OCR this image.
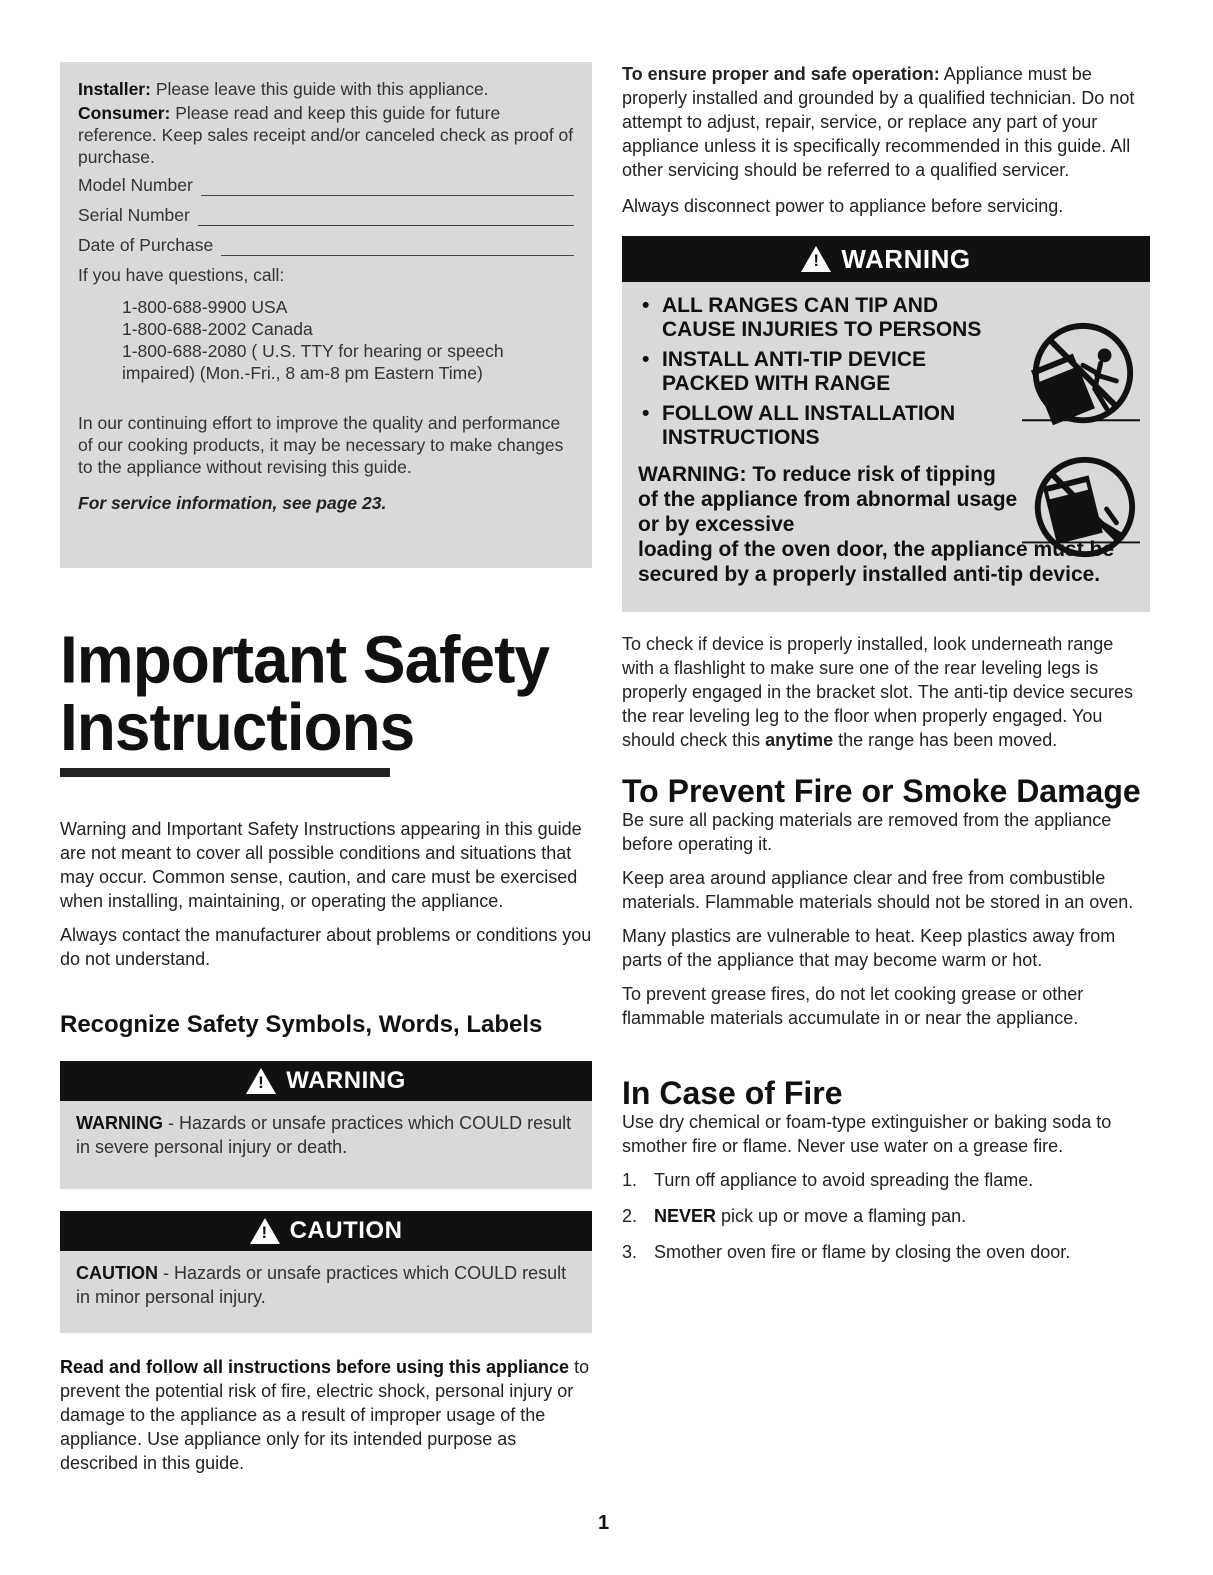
Installer: Please leave this guide with this appliance.

Consumer: Please read and keep this guide for future reference. Keep sales receipt and/or canceled check as proof of purchase.

Model Number
Serial Number
Date of Purchase

If you have questions, call:

1-800-688-9900 USA

1-800-688-2002 Canada

1-800-688-2080 ( U.S. TTY for hearing or speech impaired) (Mon.-Fri., 8 am-8 pm Eastern Time)

In our continuing effort to improve the quality and performance of our cooking products, it may be necessary to make changes to the appliance without revising this guide.

For service information, see page 23.

Important Safety
Instructions

Warning and Important Safety Instructions appearing in this guide are not meant to cover all possible conditions and situations that may occur. Common sense, caution, and care must be exercised when installing, maintaining, or operating the appliance.

Always contact the manufacturer about problems or conditions you do not understand.

Recognize Safety Symbols, Words, Labels
! WARNING
WARNING - Hazards or unsafe practices which COULD result in severe personal injury or death.
! CAUTION
CAUTION - Hazards or unsafe practices which COULD result in minor personal injury.
Read and follow all instructions before using this appliance to prevent the potential risk of fire, electric shock, personal injury or damage to the appliance as a result of improper usage of the appliance. Use appliance only for its intended purpose as described in this guide.

To ensure proper and safe operation: Appliance must be properly installed and grounded by a qualified technician. Do not attempt to adjust, repair, service, or replace any part of your appliance unless it is specifically recommended in this guide. All other servicing should be referred to a qualified servicer.

Always disconnect power to appliance before servicing.

! WARNING
• ALL RANGES CAN TIP AND CAUSE INJURIES TO PERSONS
• INSTALL ANTI-TIP DEVICE PACKED WITH RANGE
• FOLLOW ALL INSTALLATION INSTRUCTIONS
WARNING: To reduce risk of tipping of the appliance from abnormal usage or by excessive
loading of the oven door, the appliance must be secured by a properly installed anti-tip device.
To check if device is properly installed, look underneath range with a flashlight to make sure one of the rear leveling legs is properly engaged in the bracket slot. The anti-tip device secures the rear leveling leg to the floor when properly engaged. You should check this anytime the range has been moved.
To Prevent Fire or Smoke Damage

Be sure all packing materials are removed from the appliance before operating it.

Keep area around appliance clear and free from combustible materials. Flammable materials should not be stored in an oven.

Many plastics are vulnerable to heat. Keep plastics away from parts of the appliance that may become warm or hot.

To prevent grease fires, do not let cooking grease or other flammable materials accumulate in or near the appliance.

In Case of Fire

Use dry chemical or foam-type extinguisher or baking soda to smother fire or flame. Never use water on a grease fire.

1. Turn off appliance to avoid spreading the flame.
2. NEVER pick up or move a flaming pan.
3. Smother oven fire or flame by closing the oven door.
1
